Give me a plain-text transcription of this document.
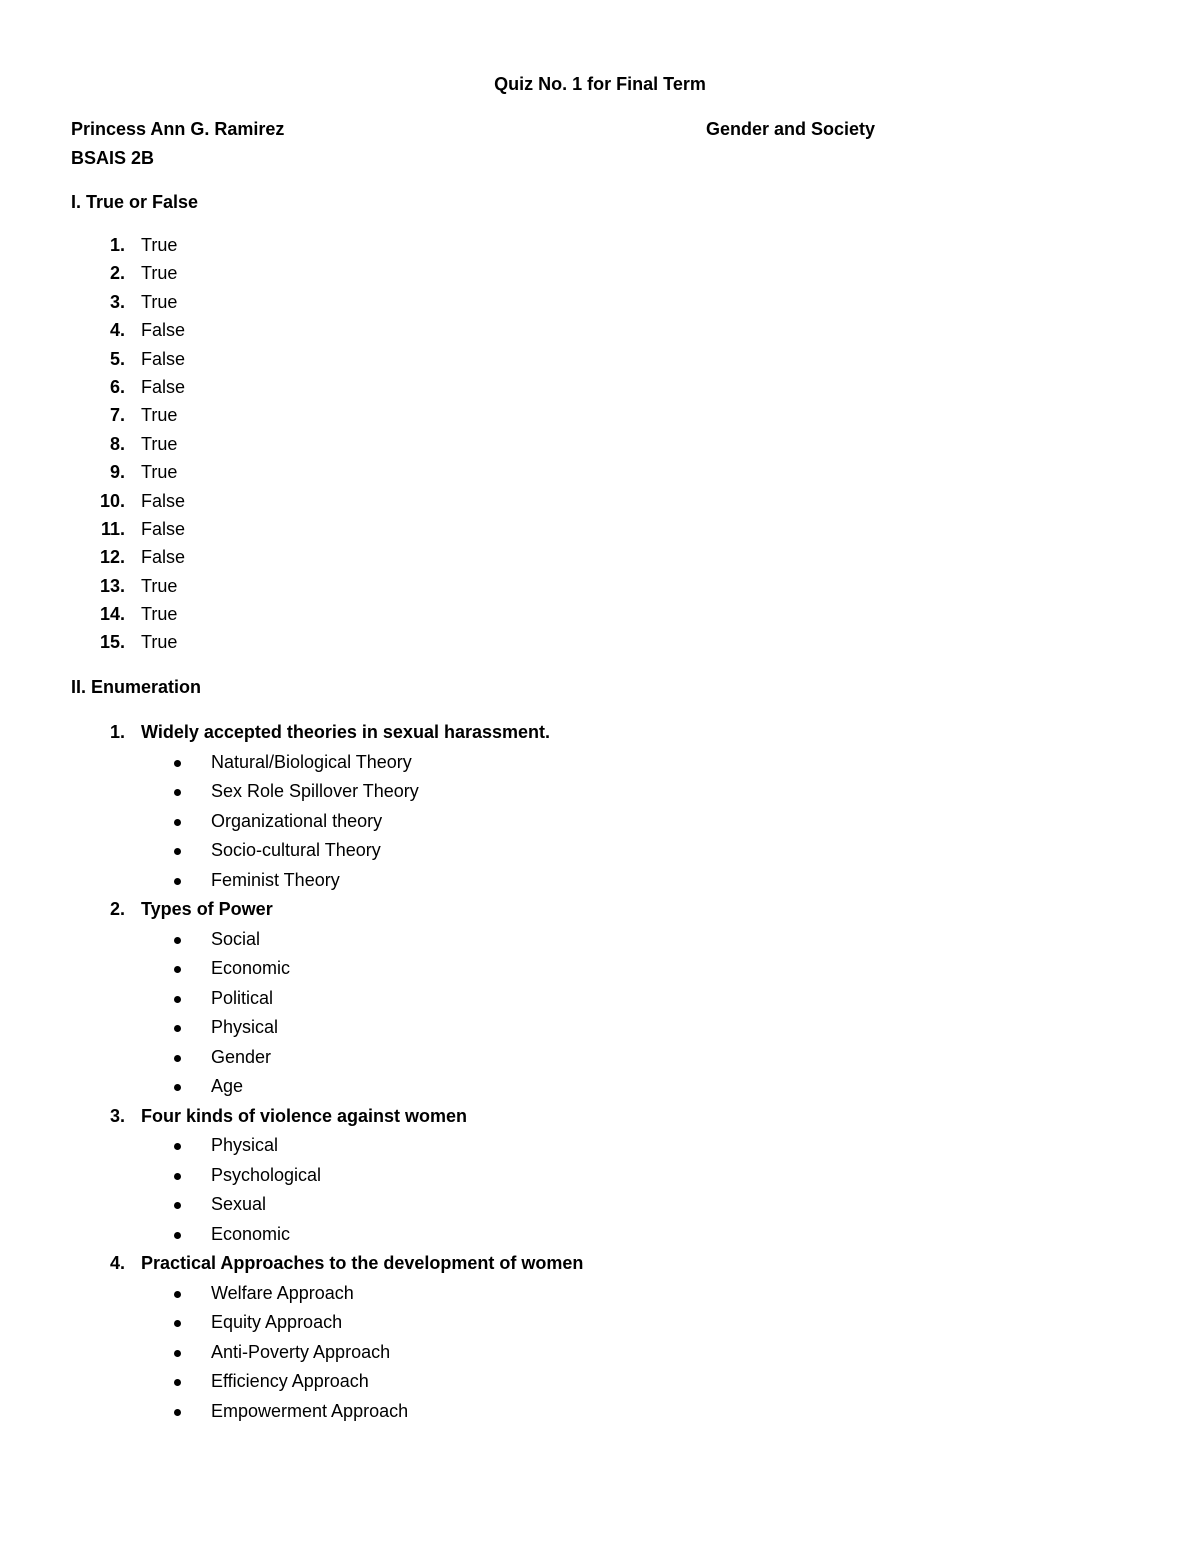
Quiz No. 1 for Final Term
Princess Ann G. Ramirez	Gender and Society
BSAIS 2B
I. True or False
1. True
2. True
3. True
4. False
5. False
6. False
7. True
8. True
9. True
10. False
11. False
12. False
13. True
14. True
15. True
II. Enumeration
1. Widely accepted theories in sexual harassment.
Natural/Biological Theory
Sex Role Spillover Theory
Organizational theory
Socio-cultural Theory
Feminist Theory
2. Types of Power
Social
Economic
Political
Physical
Gender
Age
3. Four kinds of violence against women
Physical
Psychological
Sexual
Economic
4. Practical Approaches to the development of women
Welfare Approach
Equity Approach
Anti-Poverty Approach
Efficiency Approach
Empowerment Approach
